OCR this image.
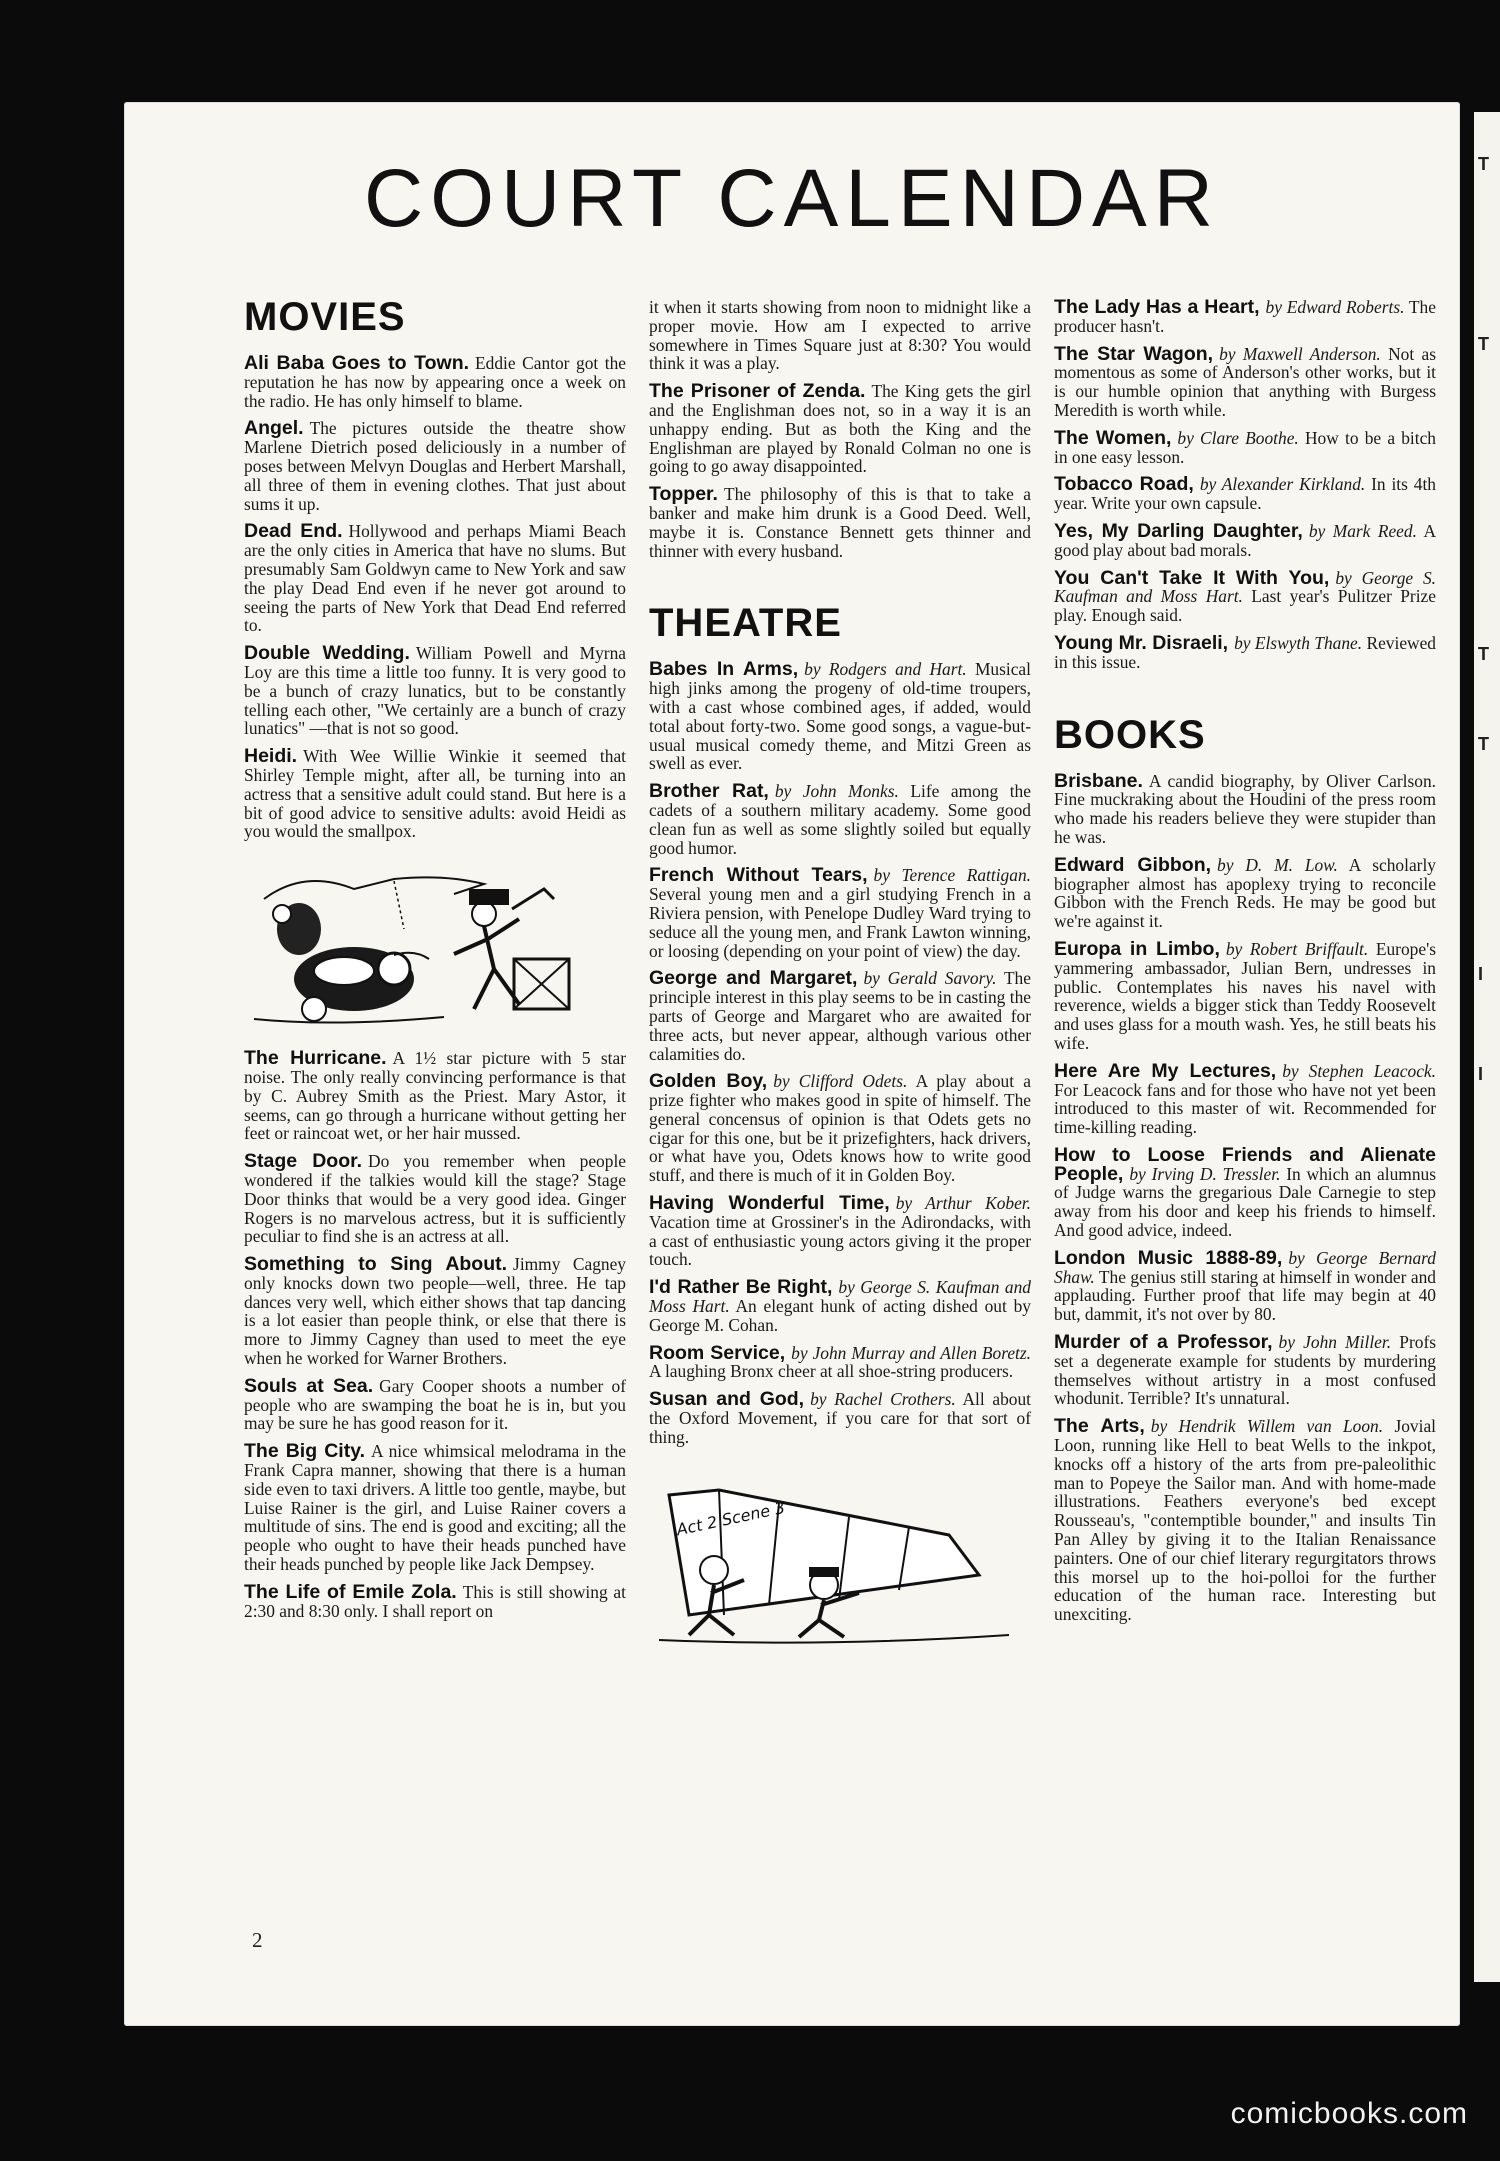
T
T
T
T
I
I
COURT CALENDAR
MOVIES

Ali Baba Goes to Town. Eddie Cantor got the reputation he has now by appearing once a week on the radio. He has only himself to blame.

Angel. The pictures outside the theatre show Marlene Dietrich posed deliciously in a number of poses between Melvyn Douglas and Herbert Marshall, all three of them in evening clothes. That just about sums it up.

Dead End. Hollywood and perhaps Miami Beach are the only cities in America that have no slums. But presumably Sam Goldwyn came to New York and saw the play Dead End even if he never got around to seeing the parts of New York that Dead End referred to.

Double Wedding. William Powell and Myrna Loy are this time a little too funny. It is very good to be a bunch of crazy lunatics, but to be constantly telling each other, "We certainly are a bunch of crazy lunatics" —that is not so good.

Heidi. With Wee Willie Winkie it seemed that Shirley Temple might, after all, be turning into an actress that a sensitive adult could stand. But here is a bit of good advice to sensitive adults: avoid Heidi as you would the smallpox.

The Hurricane. A 1½ star picture with 5 star noise. The only really convincing performance is that by C. Aubrey Smith as the Priest. Mary Astor, it seems, can go through a hurricane without getting her feet or raincoat wet, or her hair mussed.

Stage Door. Do you remember when people wondered if the talkies would kill the stage? Stage Door thinks that would be a very good idea. Ginger Rogers is no marvelous actress, but it is sufficiently peculiar to find she is an actress at all.

Something to Sing About. Jimmy Cagney only knocks down two people—well, three. He tap dances very well, which either shows that tap dancing is a lot easier than people think, or else that there is more to Jimmy Cagney than used to meet the eye when he worked for Warner Brothers.

Souls at Sea. Gary Cooper shoots a number of people who are swamping the boat he is in, but you may be sure he has good reason for it.

The Big City. A nice whimsical melodrama in the Frank Capra manner, showing that there is a human side even to taxi drivers. A little too gentle, maybe, but Luise Rainer is the girl, and Luise Rainer covers a multitude of sins. The end is good and exciting; all the people who ought to have their heads punched have their heads punched by people like Jack Dempsey.

The Life of Emile Zola. This is still showing at 2:30 and 8:30 only. I shall report on

it when it starts showing from noon to midnight like a proper movie. How am I expected to arrive somewhere in Times Square just at 8:30? You would think it was a play.

The Prisoner of Zenda. The King gets the girl and the Englishman does not, so in a way it is an unhappy ending. But as both the King and the Englishman are played by Ronald Colman no one is going to go away disappointed.

Topper. The philosophy of this is that to take a banker and make him drunk is a Good Deed. Well, maybe it is. Constance Bennett gets thinner and thinner with every husband.

THEATRE

Babes In Arms, by Rodgers and Hart. Musical high jinks among the progeny of old-time troupers, with a cast whose combined ages, if added, would total about forty-two. Some good songs, a vague-but-usual musical comedy theme, and Mitzi Green as swell as ever.

Brother Rat, by John Monks. Life among the cadets of a southern military academy. Some good clean fun as well as some slightly soiled but equally good humor.

French Without Tears, by Terence Rattigan. Several young men and a girl studying French in a Riviera pension, with Penelope Dudley Ward trying to seduce all the young men, and Frank Lawton winning, or loosing (depending on your point of view) the day.

George and Margaret, by Gerald Savory. The principle interest in this play seems to be in casting the parts of George and Margaret who are awaited for three acts, but never appear, although various other calamities do.

Golden Boy, by Clifford Odets. A play about a prize fighter who makes good in spite of himself. The general concensus of opinion is that Odets gets no cigar for this one, but be it prizefighters, hack drivers, or what have you, Odets knows how to write good stuff, and there is much of it in Golden Boy.

Having Wonderful Time, by Arthur Kober. Vacation time at Grossiner's in the Adirondacks, with a cast of enthusiastic young actors giving it the proper touch.

I'd Rather Be Right, by George S. Kaufman and Moss Hart. An elegant hunk of acting dished out by George M. Cohan.

Room Service, by John Murray and Allen Boretz. A laughing Bronx cheer at all shoe-string producers.

Susan and God, by Rachel Crothers. All about the Oxford Movement, if you care for that sort of thing.

Act 2 Scene 3

The Lady Has a Heart, by Edward Roberts. The producer hasn't.

The Star Wagon, by Maxwell Anderson. Not as momentous as some of Anderson's other works, but it is our humble opinion that anything with Burgess Meredith is worth while.

The Women, by Clare Boothe. How to be a bitch in one easy lesson.

Tobacco Road, by Alexander Kirkland. In its 4th year. Write your own capsule.

Yes, My Darling Daughter, by Mark Reed. A good play about bad morals.

You Can't Take It With You, by George S. Kaufman and Moss Hart. Last year's Pulitzer Prize play. Enough said.

Young Mr. Disraeli, by Elswyth Thane. Reviewed in this issue.

BOOKS

Brisbane. A candid biography, by Oliver Carlson. Fine muckraking about the Houdini of the press room who made his readers believe they were stupider than he was.

Edward Gibbon, by D. M. Low. A scholarly biographer almost has apoplexy trying to reconcile Gibbon with the French Reds. He may be good but we're against it.

Europa in Limbo, by Robert Briffault. Europe's yammering ambassador, Julian Bern, undresses in public. Contemplates his naves his navel with reverence, wields a bigger stick than Teddy Roosevelt and uses glass for a mouth wash. Yes, he still beats his wife.

Here Are My Lectures, by Stephen Leacock. For Leacock fans and for those who have not yet been introduced to this master of wit. Recommended for time-killing reading.

How to Loose Friends and Alienate People, by Irving D. Tressler. In which an alumnus of Judge warns the gregarious Dale Carnegie to step away from his door and keep his friends to himself. And good advice, indeed.

London Music 1888-89, by George Bernard Shaw. The genius still staring at himself in wonder and applauding. Further proof that life may begin at 40 but, dammit, it's not over by 80.

Murder of a Professor, by John Miller. Profs set a degenerate example for students by murdering themselves without artistry in a most confused whodunit. Terrible? It's unnatural.

The Arts, by Hendrik Willem van Loon. Jovial Loon, running like Hell to beat Wells to the inkpot, knocks off a history of the arts from pre-paleolithic man to Popeye the Sailor man. And with home-made illustrations. Feathers everyone's bed except Rousseau's, "contemptible bounder," and insults Tin Pan Alley by giving it to the Italian Renaissance painters. One of our chief literary regurgitators throws this morsel up to the hoi-polloi for the further education of the human race. Interesting but unexciting.

2
comicbooks.com
